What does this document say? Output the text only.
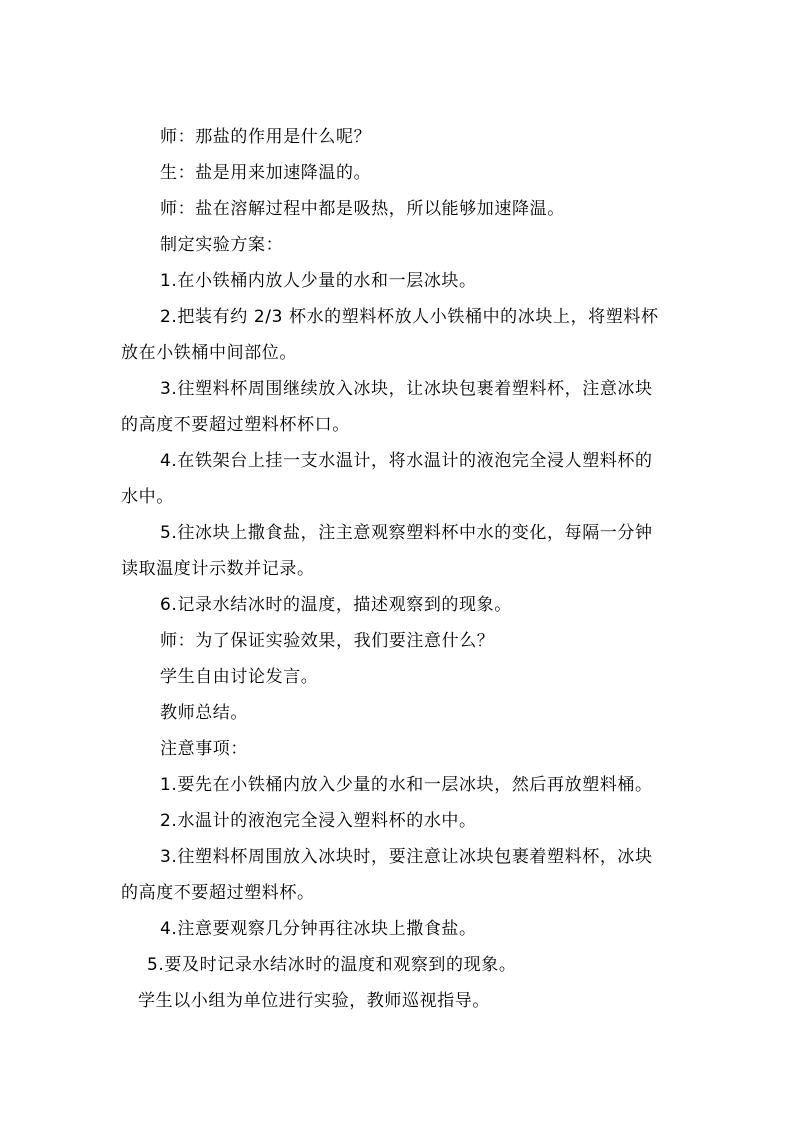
师：那盐的作用是什么呢？
生：盐是用来加速降温的。
师：盐在溶解过程中都是吸热，所以能够加速降温。
制定实验方案：
1.在小铁桶内放人少量的水和一层冰块。
2.把装有约 2/3 杯水的塑料杯放人小铁桶中的冰块上，将塑料杯
放在小铁桶中间部位。
3.往塑料杯周围继续放入冰块，让冰块包裹着塑料杯，注意冰块
的高度不要超过塑料杯杯口。
4.在铁架台上挂一支水温计，将水温计的液泡完全浸人塑料杯的
水中。
5.往冰块上撒食盐，注主意观察塑料杯中水的变化，每隔一分钟
读取温度计示数并记录。
6.记录水结冰时的温度，描述观察到的现象。
师：为了保证实验效果，我们要注意什么？
学生自由讨论发言。
教师总结。
注意事项：
1.要先在小铁桶内放入少量的水和一层冰块，然后再放塑料桶。
2.水温计的液泡完全浸入塑料杯的水中。
3.往塑料杯周围放入冰块时，要注意让冰块包裹着塑料杯，冰块
的高度不要超过塑料杯。
4.注意要观察几分钟再往冰块上撒食盐。
5.要及时记录水结冰时的温度和观察到的现象。
学生以小组为单位进行实验，教师巡视指导。
